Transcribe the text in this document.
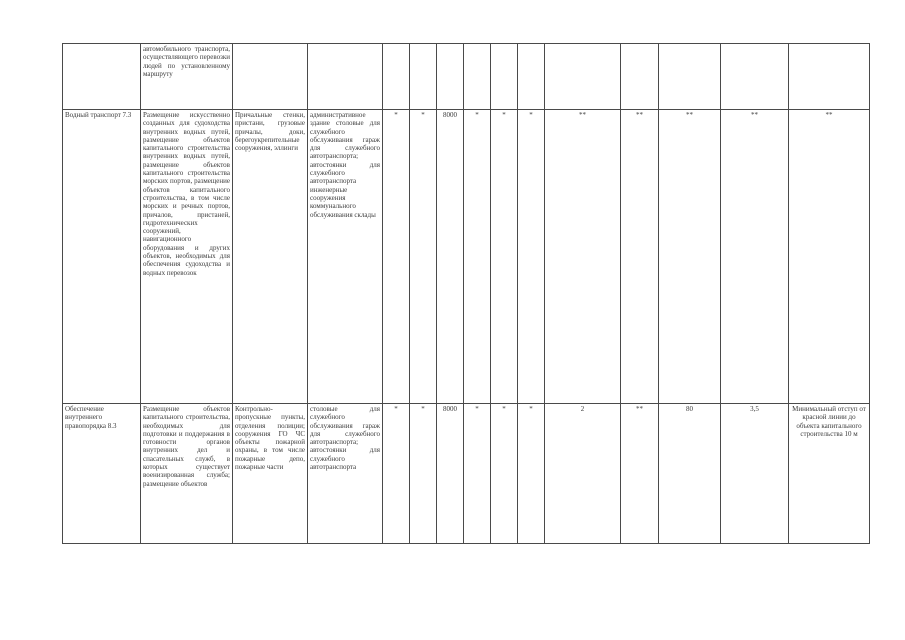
	автомобильного транспорта, осуществляющего перевозки людей по установленному маршруту													
Водный транспорт 7.3	Размещение искусственно созданных для судоходства внутренних водных путей, размещение объектов капитального строительства внутренних водных путей, размещение объектов капитального строительства морских портов, размещение объектов капитального строительства, в том числе морских и речных портов, причалов, пристаней, гидротехнических сооружений, навигационного оборудования и других объектов, необходимых для обеспечения судоходства и водных перевозок	Причальные стенки, пристани, грузовые причалы, доки, берегоукрепительные сооружения, эллинги	административное здание столовые для служебного обслуживания гараж для служебного автотранспорта; автостоянки для служебного автотранспорта инженерные сооружения коммунального обслуживания склады	*	*	8000	*	*	*	**	**	**	**	**
Обеспечение внутреннего правопорядка 8.3	Размещение объектов капитального строительства, необходимых для подготовки и поддержания в готовности органов внутренних дел и спасательных служб, в которых существует военизированная служба; размещение объектов	Контрольно-пропускные пункты, отделения полиции; сооружения ГО ЧС объекты пожарной охраны, в том числе пожарные депо, пожарные части	столовые для служебного обслуживания гараж для служебного автотранспорта; автостоянки для служебного автотранспорта	*	*	8000	*	*	*	2	**	80	3,5	Минимальный отступ от красной линии до объекта капитального строительства 10 м
